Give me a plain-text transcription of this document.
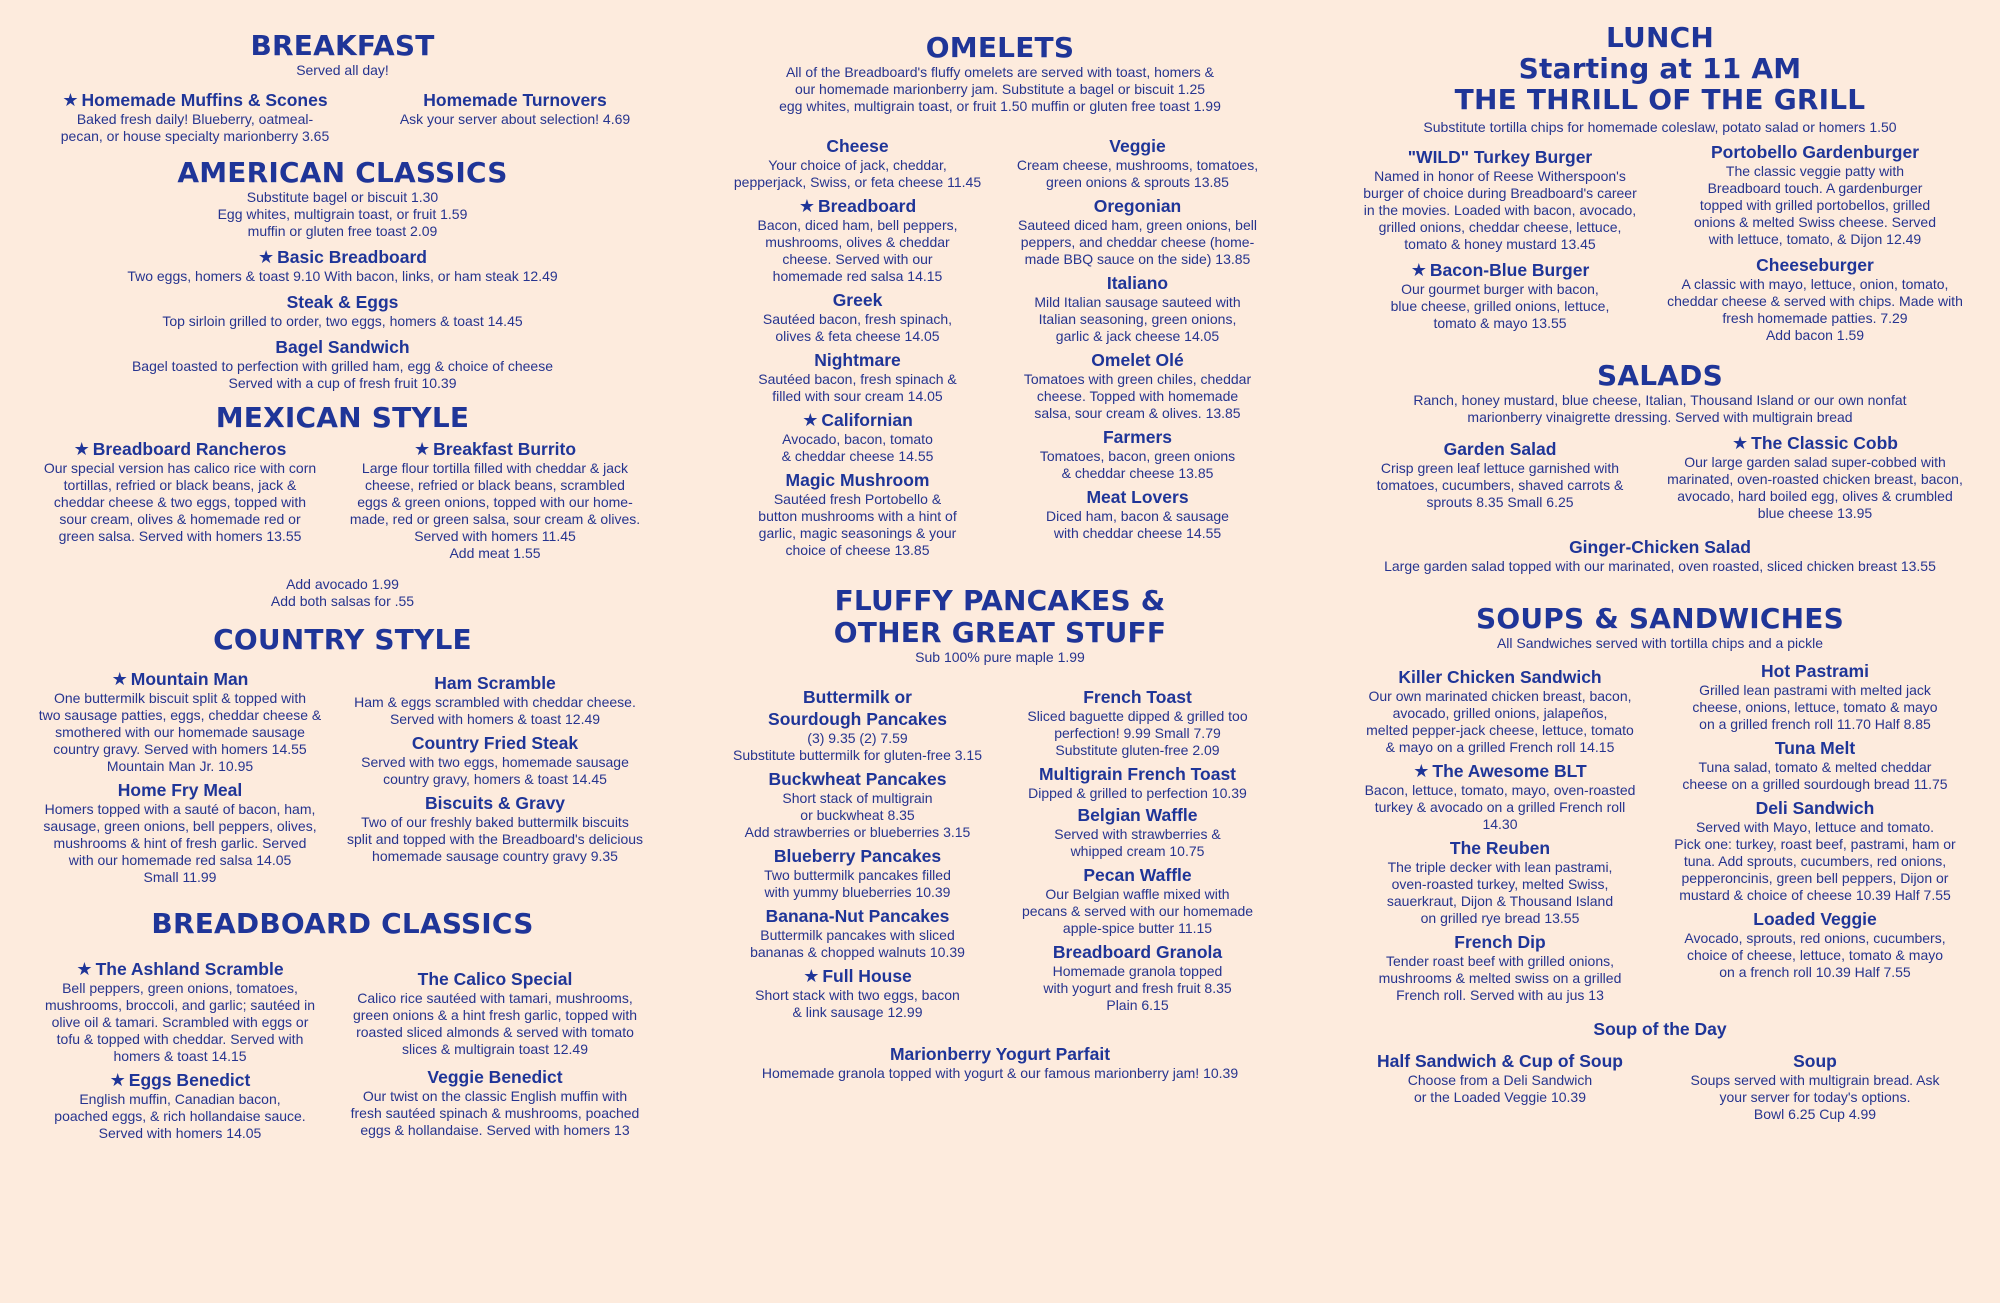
BREAKFAST

Served all day!

★ Homemade Muffins & Scones

Baked fresh daily! Blueberry, oatmeal-
pecan, or house specialty marionberry 3.65

Homemade Turnovers

Ask your server about selection! 4.69

AMERICAN CLASSICS

Substitute bagel or biscuit 1.30
Egg whites, multigrain toast, or fruit 1.59
muffin or gluten free toast 2.09

★ Basic Breadboard

Two eggs, homers & toast 9.10 With bacon, links, or ham steak 12.49

Steak & Eggs

Top sirloin grilled to order, two eggs, homers & toast 14.45

Bagel Sandwich

Bagel toasted to perfection with grilled ham, egg & choice of cheese
Served with a cup of fresh fruit 10.39

MEXICAN STYLE

★ Breadboard Rancheros

Our special version has calico rice with corn
tortillas, refried or black beans, jack &
cheddar cheese & two eggs, topped with
sour cream, olives & homemade red or
green salsa. Served with homers 13.55

★ Breakfast Burrito

Large flour tortilla filled with cheddar & jack
cheese, refried or black beans, scrambled
eggs & green onions, topped with our home-
made, red or green salsa, sour cream & olives.
Served with homers 11.45
Add meat 1.55

Add avocado 1.99
Add both salsas for .55

COUNTRY STYLE

★ Mountain Man

One buttermilk biscuit split & topped with
two sausage patties, eggs, cheddar cheese &
smothered with our homemade sausage
country gravy. Served with homers 14.55
Mountain Man Jr. 10.95

Home Fry Meal

Homers topped with a sauté of bacon, ham,
sausage, green onions, bell peppers, olives,
mushrooms & hint of fresh garlic. Served
with our homemade red salsa 14.05
Small 11.99

Ham Scramble

Ham & eggs scrambled with cheddar cheese.
Served with homers & toast 12.49

Country Fried Steak

Served with two eggs, homemade sausage
country gravy, homers & toast 14.45

Biscuits & Gravy

Two of our freshly baked buttermilk biscuits
split and topped with the Breadboard's delicious
homemade sausage country gravy 9.35

BREADBOARD CLASSICS

★ The Ashland Scramble

Bell peppers, green onions, tomatoes,
mushrooms, broccoli, and garlic; sautéed in
olive oil & tamari. Scrambled with eggs or
tofu & topped with cheddar. Served with
homers & toast 14.15

★ Eggs Benedict

English muffin, Canadian bacon,
poached eggs, & rich hollandaise sauce.
Served with homers 14.05

The Calico Special

Calico rice sautéed with tamari, mushrooms,
green onions & a hint fresh garlic, topped with
roasted sliced almonds & served with tomato
slices & multigrain toast 12.49

Veggie Benedict

Our twist on the classic English muffin with
fresh sautéed spinach & mushrooms, poached
eggs & hollandaise. Served with homers 13

OMELETS

All of the Breadboard's fluffy omelets are served with toast, homers &
our homemade marionberry jam. Substitute a bagel or biscuit 1.25
egg whites, multigrain toast, or fruit 1.50 muffin or gluten free toast 1.99

Cheese

Your choice of jack, cheddar,
pepperjack, Swiss, or feta cheese 11.45

★ Breadboard

Bacon, diced ham, bell peppers,
mushrooms, olives & cheddar
cheese. Served with our
homemade red salsa 14.15

Greek

Sautéed bacon, fresh spinach,
olives & feta cheese 14.05

Nightmare

Sautéed bacon, fresh spinach &
filled with sour cream 14.05

★ Californian

Avocado, bacon, tomato
& cheddar cheese 14.55

Magic Mushroom

Sautéed fresh Portobello &
button mushrooms with a hint of
garlic, magic seasonings & your
choice of cheese 13.85

Veggie

Cream cheese, mushrooms, tomatoes,
green onions & sprouts 13.85

Oregonian

Sauteed diced ham, green onions, bell
peppers, and cheddar cheese (home-
made BBQ sauce on the side) 13.85

Italiano

Mild Italian sausage sauteed with
Italian seasoning, green onions,
garlic & jack cheese 14.05

Omelet Olé

Tomatoes with green chiles, cheddar
cheese. Topped with homemade
salsa, sour cream & olives. 13.85

Farmers

Tomatoes, bacon, green onions
& cheddar cheese 13.85

Meat Lovers

Diced ham, bacon & sausage
with cheddar cheese 14.55

FLUFFY PANCAKES &
OTHER GREAT STUFF

Sub 100% pure maple 1.99

Buttermilk or
Sourdough Pancakes

(3) 9.35 (2) 7.59
Substitute buttermilk for gluten-free 3.15

Buckwheat Pancakes

Short stack of multigrain
or buckwheat 8.35
Add strawberries or blueberries 3.15

Blueberry Pancakes

Two buttermilk pancakes filled
with yummy blueberries 10.39

Banana-Nut Pancakes

Buttermilk pancakes with sliced
bananas & chopped walnuts 10.39

★ Full House

Short stack with two eggs, bacon
& link sausage 12.99

French Toast

Sliced baguette dipped & grilled too
perfection! 9.99 Small 7.79
Substitute gluten-free 2.09

Multigrain French Toast

Dipped & grilled to perfection 10.39

Belgian Waffle

Served with strawberries &
whipped cream 10.75

Pecan Waffle

Our Belgian waffle mixed with
pecans & served with our homemade
apple-spice butter 11.15

Breadboard Granola

Homemade granola topped
with yogurt and fresh fruit 8.35
Plain 6.15

Marionberry Yogurt Parfait

Homemade granola topped with yogurt & our famous marionberry jam! 10.39

LUNCH
Starting at 11 AM
THE THRILL OF THE GRILL

Substitute tortilla chips for homemade coleslaw, potato salad or homers 1.50

"WILD" Turkey Burger

Named in honor of Reese Witherspoon's
burger of choice during Breadboard's career
in the movies. Loaded with bacon, avocado,
grilled onions, cheddar cheese, lettuce,
tomato & honey mustard 13.45

★ Bacon-Blue Burger

Our gourmet burger with bacon,
blue cheese, grilled onions, lettuce,
tomato & mayo 13.55

Portobello Gardenburger

The classic veggie patty with
Breadboard touch. A gardenburger
topped with grilled portobellos, grilled
onions & melted Swiss cheese. Served
with lettuce, tomato, & Dijon 12.49

Cheeseburger

A classic with mayo, lettuce, onion, tomato,
cheddar cheese & served with chips. Made with
fresh homemade patties. 7.29
Add bacon 1.59

SALADS

Ranch, honey mustard, blue cheese, Italian, Thousand Island or our own nonfat
marionberry vinaigrette dressing. Served with multigrain bread

Garden Salad

Crisp green leaf lettuce garnished with
tomatoes, cucumbers, shaved carrots &
sprouts 8.35 Small 6.25

★ The Classic Cobb

Our large garden salad super-cobbed with
marinated, oven-roasted chicken breast, bacon,
avocado, hard boiled egg, olives & crumbled
blue cheese 13.95

Ginger-Chicken Salad

Large garden salad topped with our marinated, oven roasted, sliced chicken breast 13.55

SOUPS & SANDWICHES

All Sandwiches served with tortilla chips and a pickle

Killer Chicken Sandwich

Our own marinated chicken breast, bacon,
avocado, grilled onions, jalapeños,
melted pepper-jack cheese, lettuce, tomato
& mayo on a grilled French roll 14.15

★ The Awesome BLT

Bacon, lettuce, tomato, mayo, oven-roasted
turkey & avocado on a grilled French roll
14.30

The Reuben

The triple decker with lean pastrami,
oven-roasted turkey, melted Swiss,
sauerkraut, Dijon & Thousand Island
on grilled rye bread 13.55

French Dip

Tender roast beef with grilled onions,
mushrooms & melted swiss on a grilled
French roll. Served with au jus 13

Hot Pastrami

Grilled lean pastrami with melted jack
cheese, onions, lettuce, tomato & mayo
on a grilled french roll 11.70 Half 8.85

Tuna Melt

Tuna salad, tomato & melted cheddar
cheese on a grilled sourdough bread 11.75

Deli Sandwich

Served with Mayo, lettuce and tomato.
Pick one: turkey, roast beef, pastrami, ham or
tuna. Add sprouts, cucumbers, red onions,
pepperoncinis, green bell peppers, Dijon or
mustard & choice of cheese 10.39 Half 7.55

Loaded Veggie

Avocado, sprouts, red onions, cucumbers,
choice of cheese, lettuce, tomato & mayo
on a french roll 10.39 Half 7.55

Soup of the Day

Half Sandwich & Cup of Soup

Choose from a Deli Sandwich
or the Loaded Veggie 10.39

Soup

Soups served with multigrain bread. Ask
your server for today's options.
Bowl 6.25 Cup 4.99
